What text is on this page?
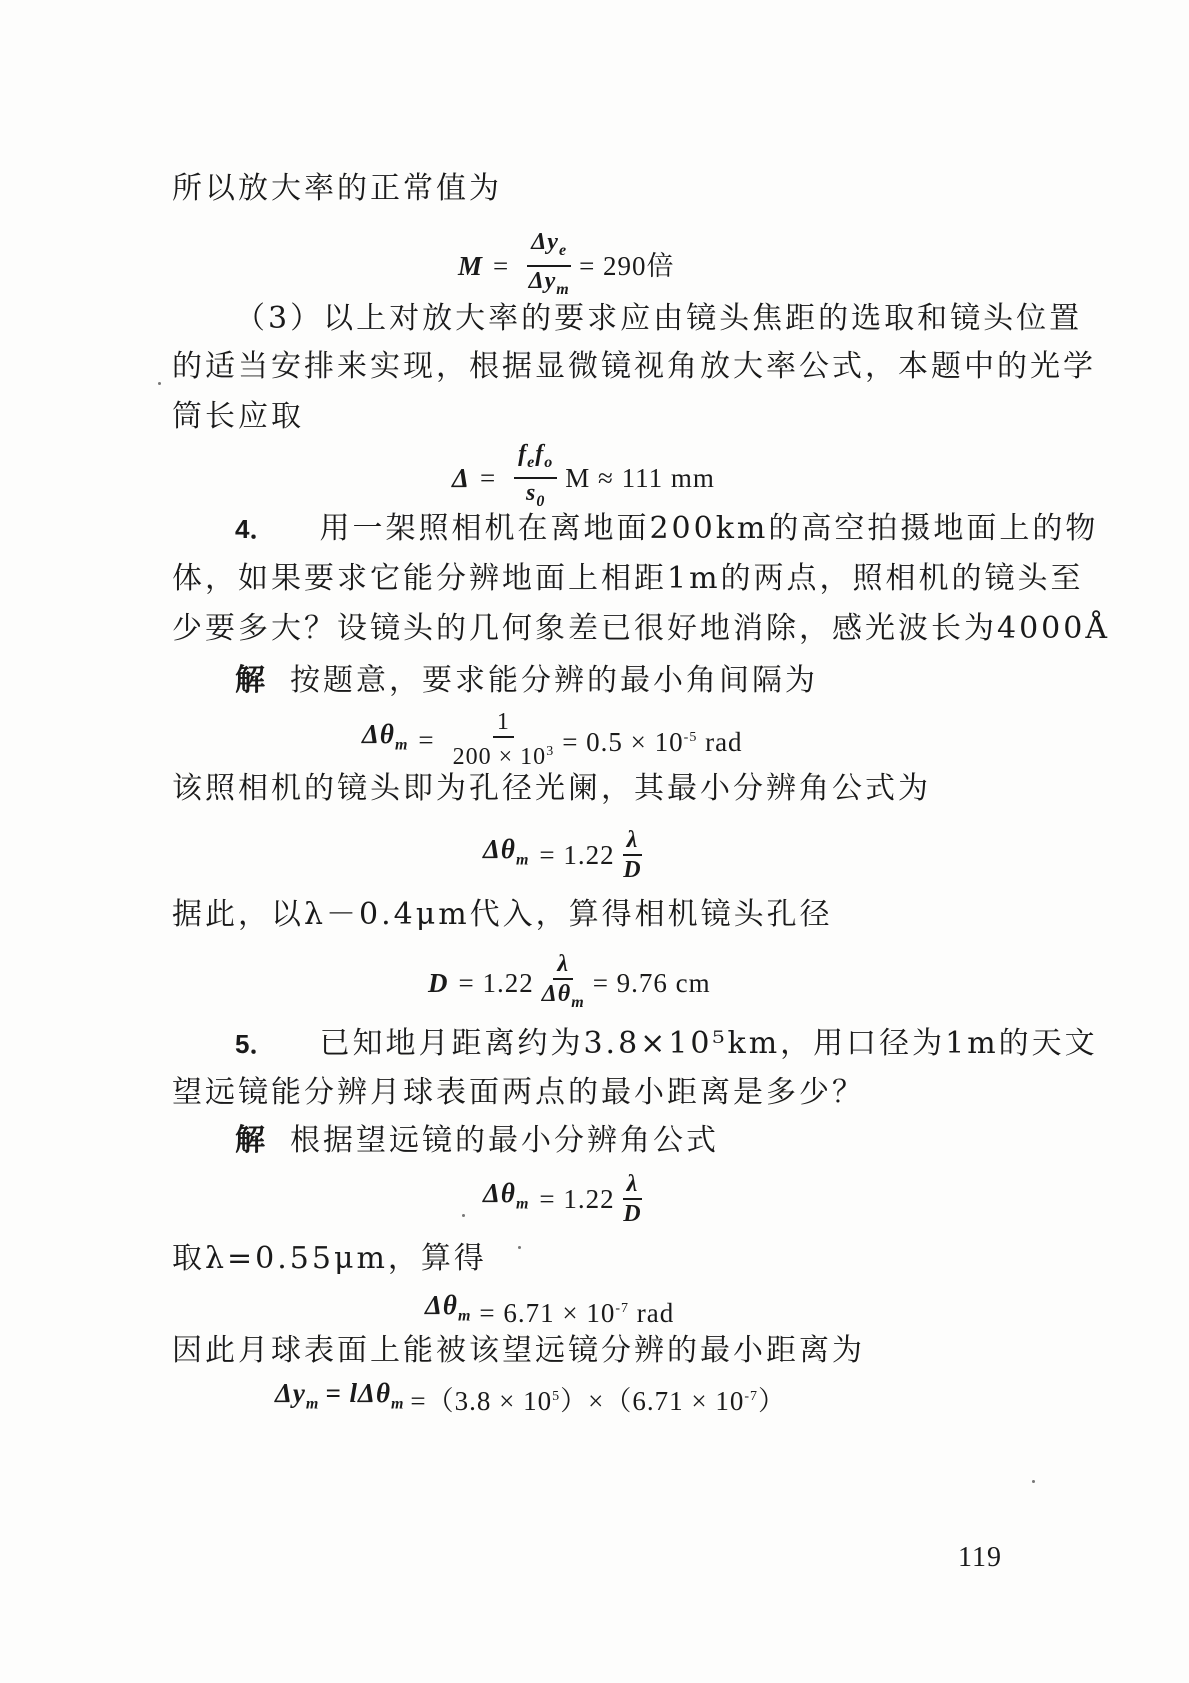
所以放大率的正常值为
M =
$\Delta y_e$
$\Delta y_m$
= 290倍
（3）以上对放大率的要求应由镜头焦距的选取和镜头位置
的适当安排来实现，根据显微镜视角放大率公式，本题中的光学
筒长应取
Δ =
$f_ef_o$
$s_0$
M ≈ 111 mm
4． 用一架照相机在离地面200km的高空拍摄地面上的物
体，如果要求它能分辨地面上相距1m的两点，照相机的镜头至
少要多大？设镜头的几何象差已很好地消除，感光波长为4000Å
解 按题意，要求能分辨的最小角间隔为
$\Delta\theta_m = \frac{1}{200 \times 10^3} = 0.5 \times 10^{-5}$ rad
该照相机的镜头即为孔径光阑，其最小分辨角公式为
$\Delta\theta_m = 1.22$ λ
D
据此，以λ－0.4μm代入，算得相机镜头孔径
D = 1.22
λ
$\Delta\theta_m$
= 9.76 cm
5． 已知地月距离约为3.8×10⁵km，用口径为1m的天文
望远镜能分辨月球表面两点的最小距离是多少？
解 根据望远镜的最小分辨角公式
$\Delta\theta_m = 1.22$ λ
D
取λ=0.55μm，算得
$\Delta\theta_m = 6.71 \times 10^{-7}$ rad
因此月球表面上能被该望远镜分辨的最小距离为
$\Delta y_m = l\Delta\theta_m =(3.8 \times 10^5)\times(6.71 \times 10^{-7})$
119
